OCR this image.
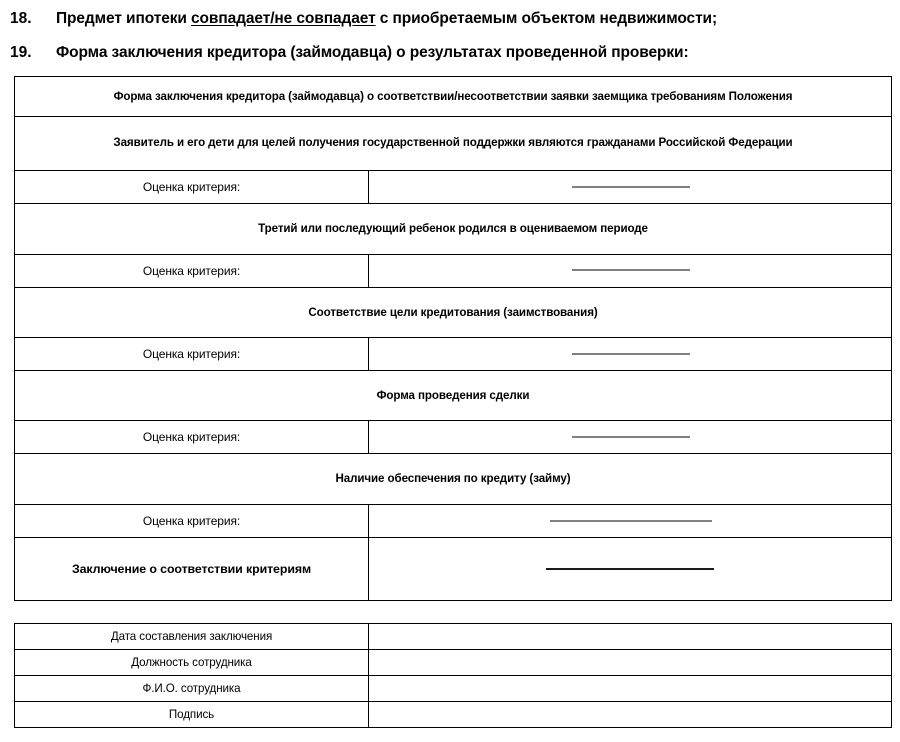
18.	Предмет ипотеки совпадает/не совпадает с приобретаемым объектом недвижимости;
19.	Форма заключения кредитора (займодавца) о результатах проведенной проверки:
Форма заключения кредитора (займодавца) о соответствии/несоответствии заявки заемщика требованиям Положения	
Заявитель и его дети для целей получения государственной поддержки являются гражданами Российской Федерации	
Оценка критерия:	
Третий или последующий ребенок родился в оцениваемом периоде	
Оценка критерия:	
Соответствие цели кредитования (заимствования)	
Оценка критерия:	
Форма проведения сделки	
Оценка критерия:	
Наличие обеспечения по кредиту (займу)	
Оценка критерия:	
Заключение о соответствии критериям	
Дата составления заключения	
Должность сотрудника	
Ф.И.О. сотрудника	
Подпись	
